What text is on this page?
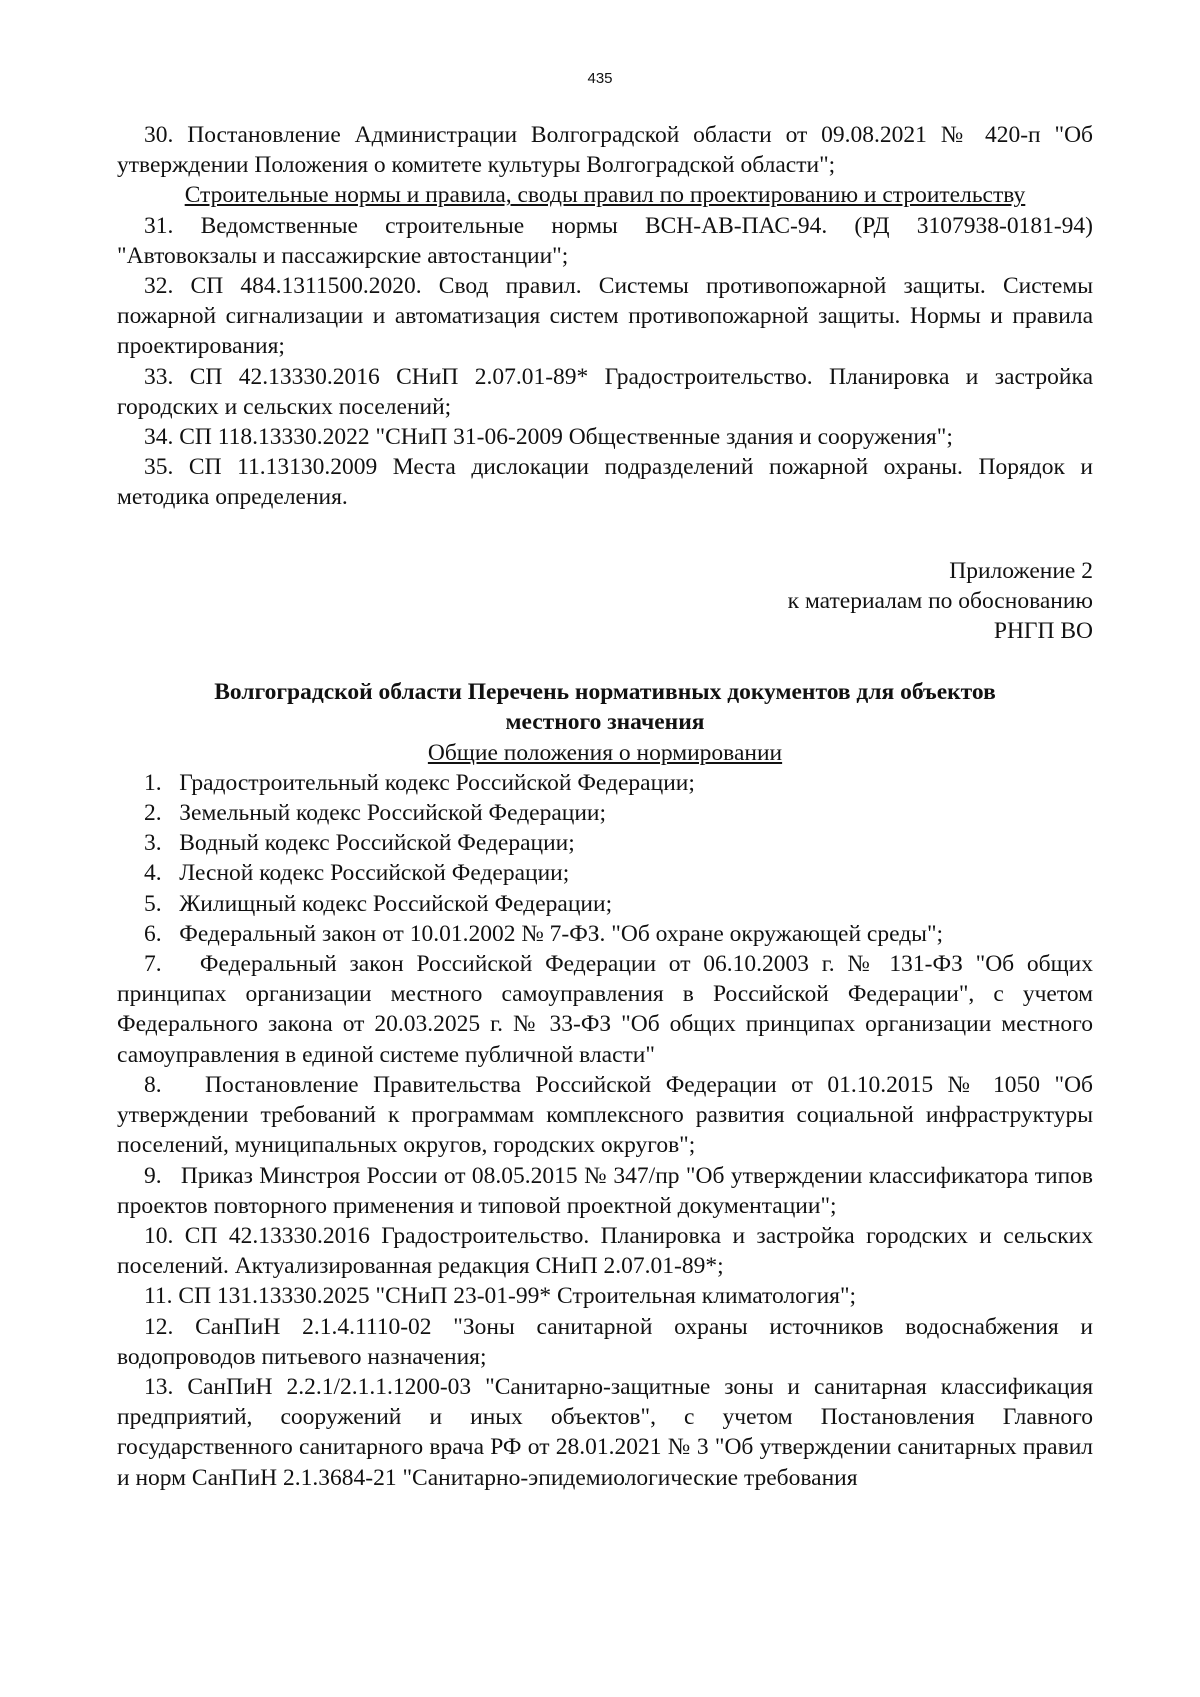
435

30. Постановление Администрации Волгоградской области от 09.08.2021 № 420-п "Об утверждении Положения о комитете культуры Волгоградской области";

Строительные нормы и правила, своды правил по проектированию и строительству

31. Ведомственные строительные нормы ВСН-АВ-ПАС-94. (РД 3107938-0181-94) "Автовокзалы и пассажирские автостанции";

32. СП 484.1311500.2020. Свод правил. Системы противопожарной защиты. Системы пожарной сигнализации и автоматизация систем противопожарной защиты. Нормы и правила проектирования;

33. СП 42.13330.2016 СНиП 2.07.01-89* Градостроительство. Планировка и застройка городских и сельских поселений;

34. СП 118.13330.2022 "СНиП 31-06-2009 Общественные здания и сооружения";

35. СП 11.13130.2009 Места дислокации подразделений пожарной охраны. Порядок и методика определения.

Приложение 2
к материалам по обоснованию
РНГП ВО
Волгоградской области Перечень нормативных документов для объектов
местного значения

Общие положения о нормировании

1. Градостроительный кодекс Российской Федерации;

2. Земельный кодекс Российской Федерации;

3. Водный кодекс Российской Федерации;

4. Лесной кодекс Российской Федерации;

5. Жилищный кодекс Российской Федерации;

6. Федеральный закон от 10.01.2002 № 7-ФЗ. "Об охране окружающей среды";

7. Федеральный закон Российской Федерации от 06.10.2003 г. № 131-ФЗ "Об общих принципах организации местного самоуправления в Российской Федерации", с учетом Федерального закона от 20.03.2025 г. № 33-ФЗ "Об общих принципах организации местного самоуправления в единой системе публичной власти"

8. Постановление Правительства Российской Федерации от 01.10.2015 № 1050 "Об утверждении требований к программам комплексного развития социальной инфраструктуры поселений, муниципальных округов, городских округов";

9. Приказ Минстроя России от 08.05.2015 № 347/пр "Об утверждении классификатора типов проектов повторного применения и типовой проектной документации";

10. СП 42.13330.2016 Градостроительство. Планировка и застройка городских и сельских поселений. Актуализированная редакция СНиП 2.07.01-89*;

11. СП 131.13330.2025 "СНиП 23-01-99* Строительная климатология";

12. СанПиН 2.1.4.1110-02 "Зоны санитарной охраны источников водоснабжения и водопроводов питьевого назначения;

13. СанПиН 2.2.1/2.1.1.1200-03 "Санитарно-защитные зоны и санитарная классификация предприятий, сооружений и иных объектов", с учетом Постановления Главного государственного санитарного врача РФ от 28.01.2021 № 3 "Об утверждении санитарных правил и норм СанПиН 2.1.3684-21 "Санитарно-эпидемиологические требования
